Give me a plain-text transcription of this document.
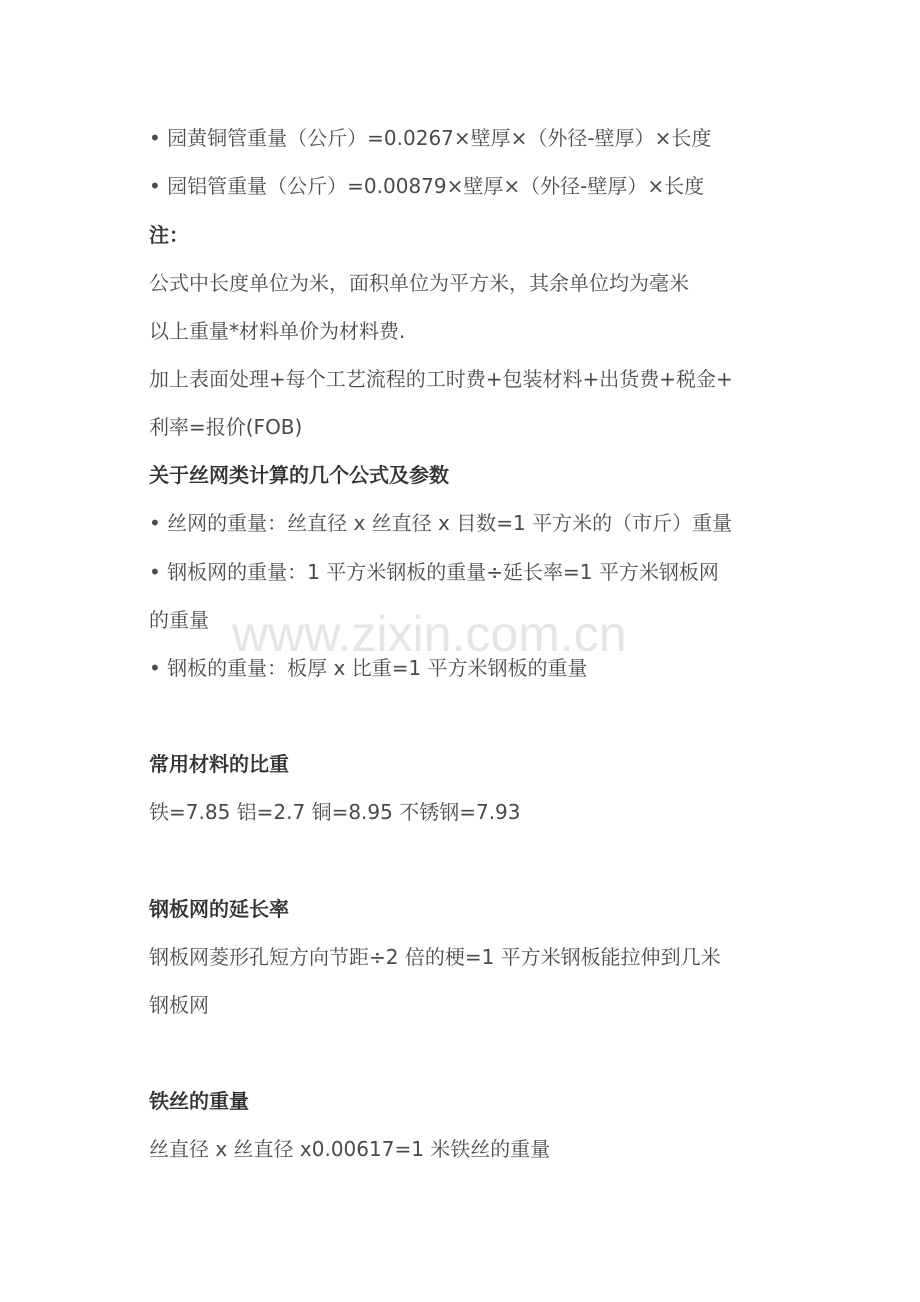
• 园黄铜管重量（公斤）=0.0267×壁厚×（外径-壁厚）×长度
• 园铝管重量（公斤）=0.00879×壁厚×（外径-壁厚）×长度
注：
公式中长度单位为米，面积单位为平方米，其余单位均为毫米
以上重量*材料单价为材料费.
加上表面处理+每个工艺流程的工时费+包装材料+出货费+税金+
利率=报价(FOB)
关于丝网类计算的几个公式及参数
• 丝网的重量：丝直径 x 丝直径 x 目数=1 平方米的（市斤）重量
• 钢板网的重量：1 平方米钢板的重量÷延长率=1 平方米钢板网
的重量
• 钢板的重量：板厚 x 比重=1 平方米钢板的重量
常用材料的比重
铁=7.85 铝=2.7 铜=8.95 不锈钢=7.93
钢板网的延长率
钢板网菱形孔短方向节距÷2 倍的梗=1 平方米钢板能拉伸到几米
钢板网
铁丝的重量
丝直径 x 丝直径 x0.00617=1 米铁丝的重量
www.zixin.com.cn
